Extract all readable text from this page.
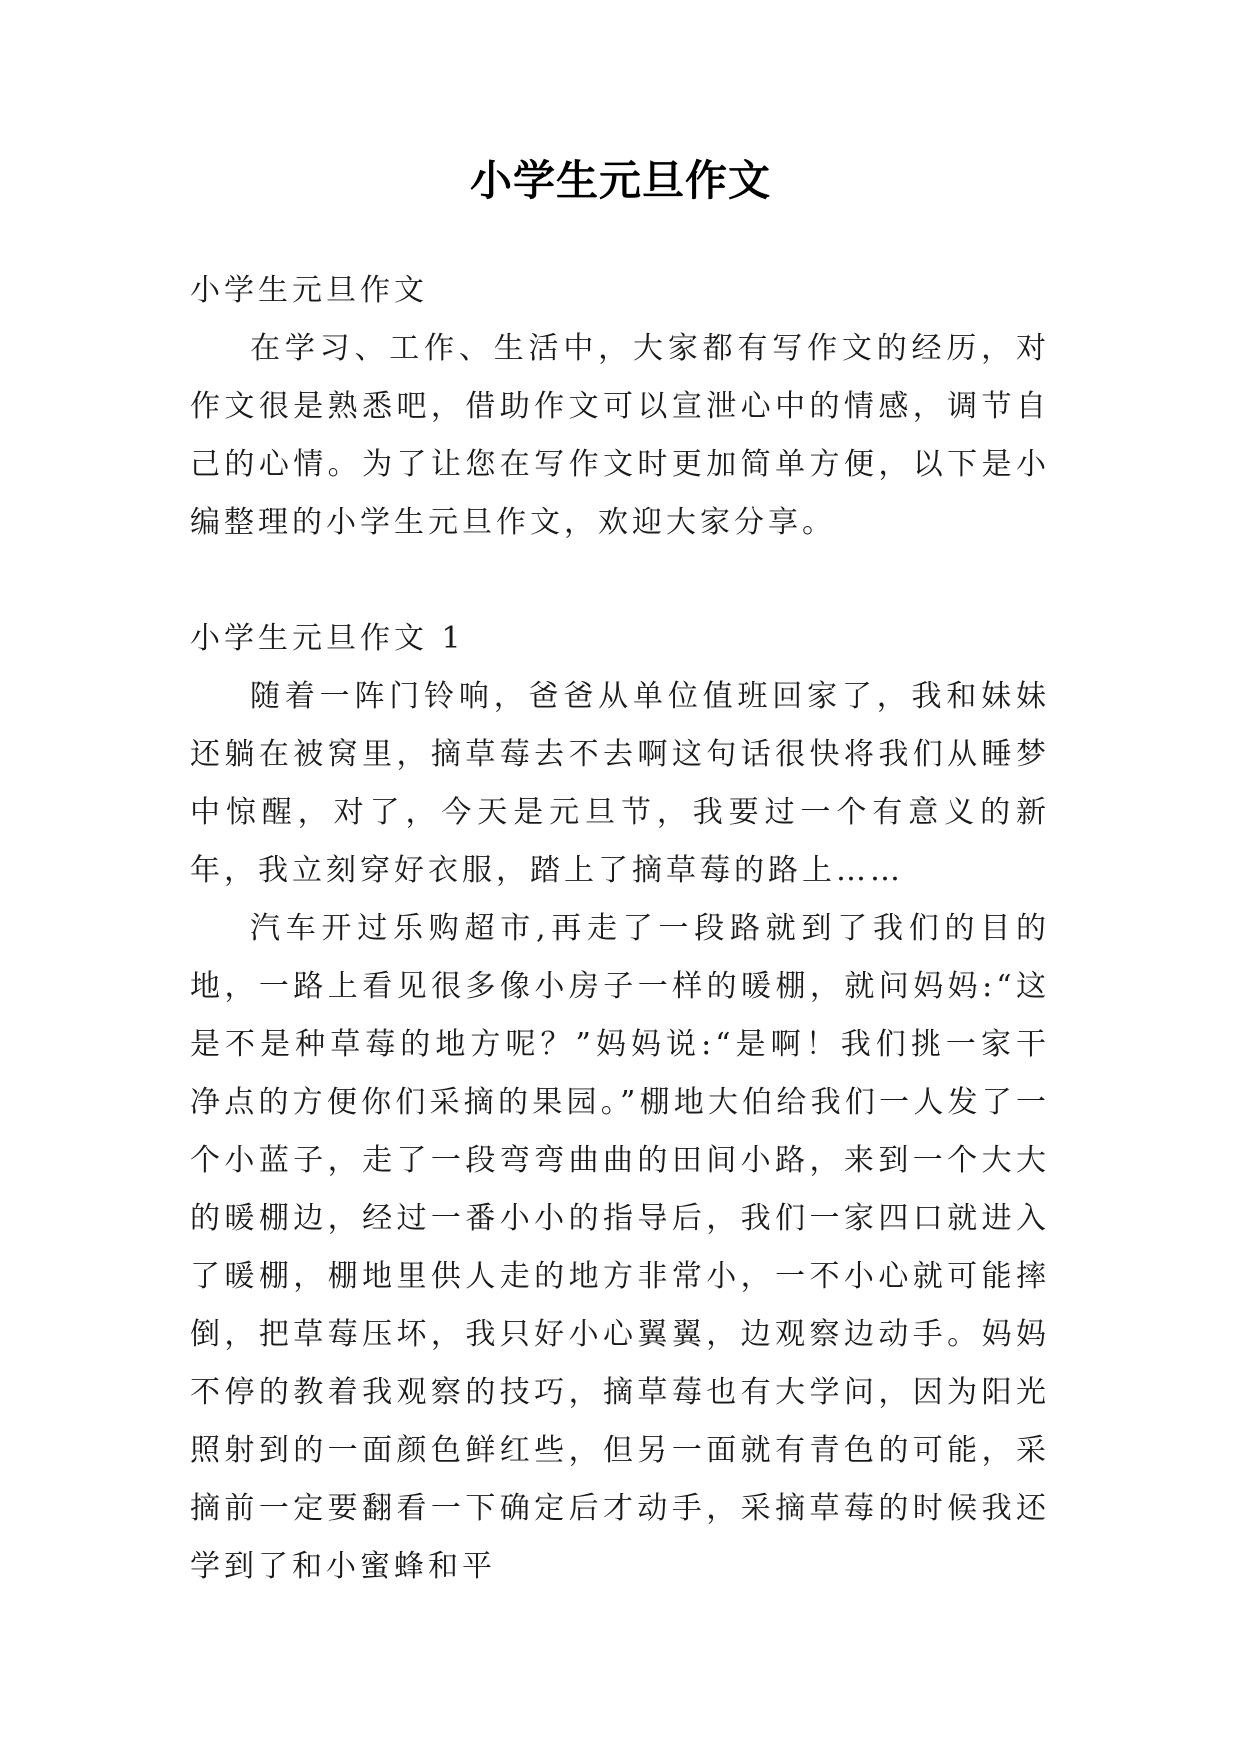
小学生元旦作文

小学生元旦作文

在学习、工作、生活中，大家都有写作文的经历，对作文很是熟悉吧，借助作文可以宣泄心中的情感，调节自己的心情。为了让您在写作文时更加简单方便，以下是小编整理的小学生元旦作文，欢迎大家分享。

小学生元旦作文 1

随着一阵门铃响，爸爸从单位值班回家了，我和妹妹还躺在被窝里，摘草莓去不去啊这句话很快将我们从睡梦中惊醒，对了，今天是元旦节，我要过一个有意义的新年，我立刻穿好衣服，踏上了摘草莓的路上……

汽车开过乐购超市,再走了一段路就到了我们的目的地，一路上看见很多像小房子一样的暖棚，就问妈妈:“这是不是种草莓的地方呢？”妈妈说:“是啊！我们挑一家干净点的方便你们采摘的果园。”棚地大伯给我们一人发了一个小蓝子，走了一段弯弯曲曲的田间小路，来到一个大大的暖棚边，经过一番小小的指导后，我们一家四口就进入了暖棚，棚地里供人走的地方非常小，一不小心就可能摔倒，把草莓压坏，我只好小心翼翼，边观察边动手。妈妈不停的教着我观察的技巧，摘草莓也有大学问，因为阳光照射到的一面颜色鲜红些，但另一面就有青色的可能，采摘前一定要翻看一下确定后才动手，采摘草莓的时候我还学到了和小蜜蜂和平
